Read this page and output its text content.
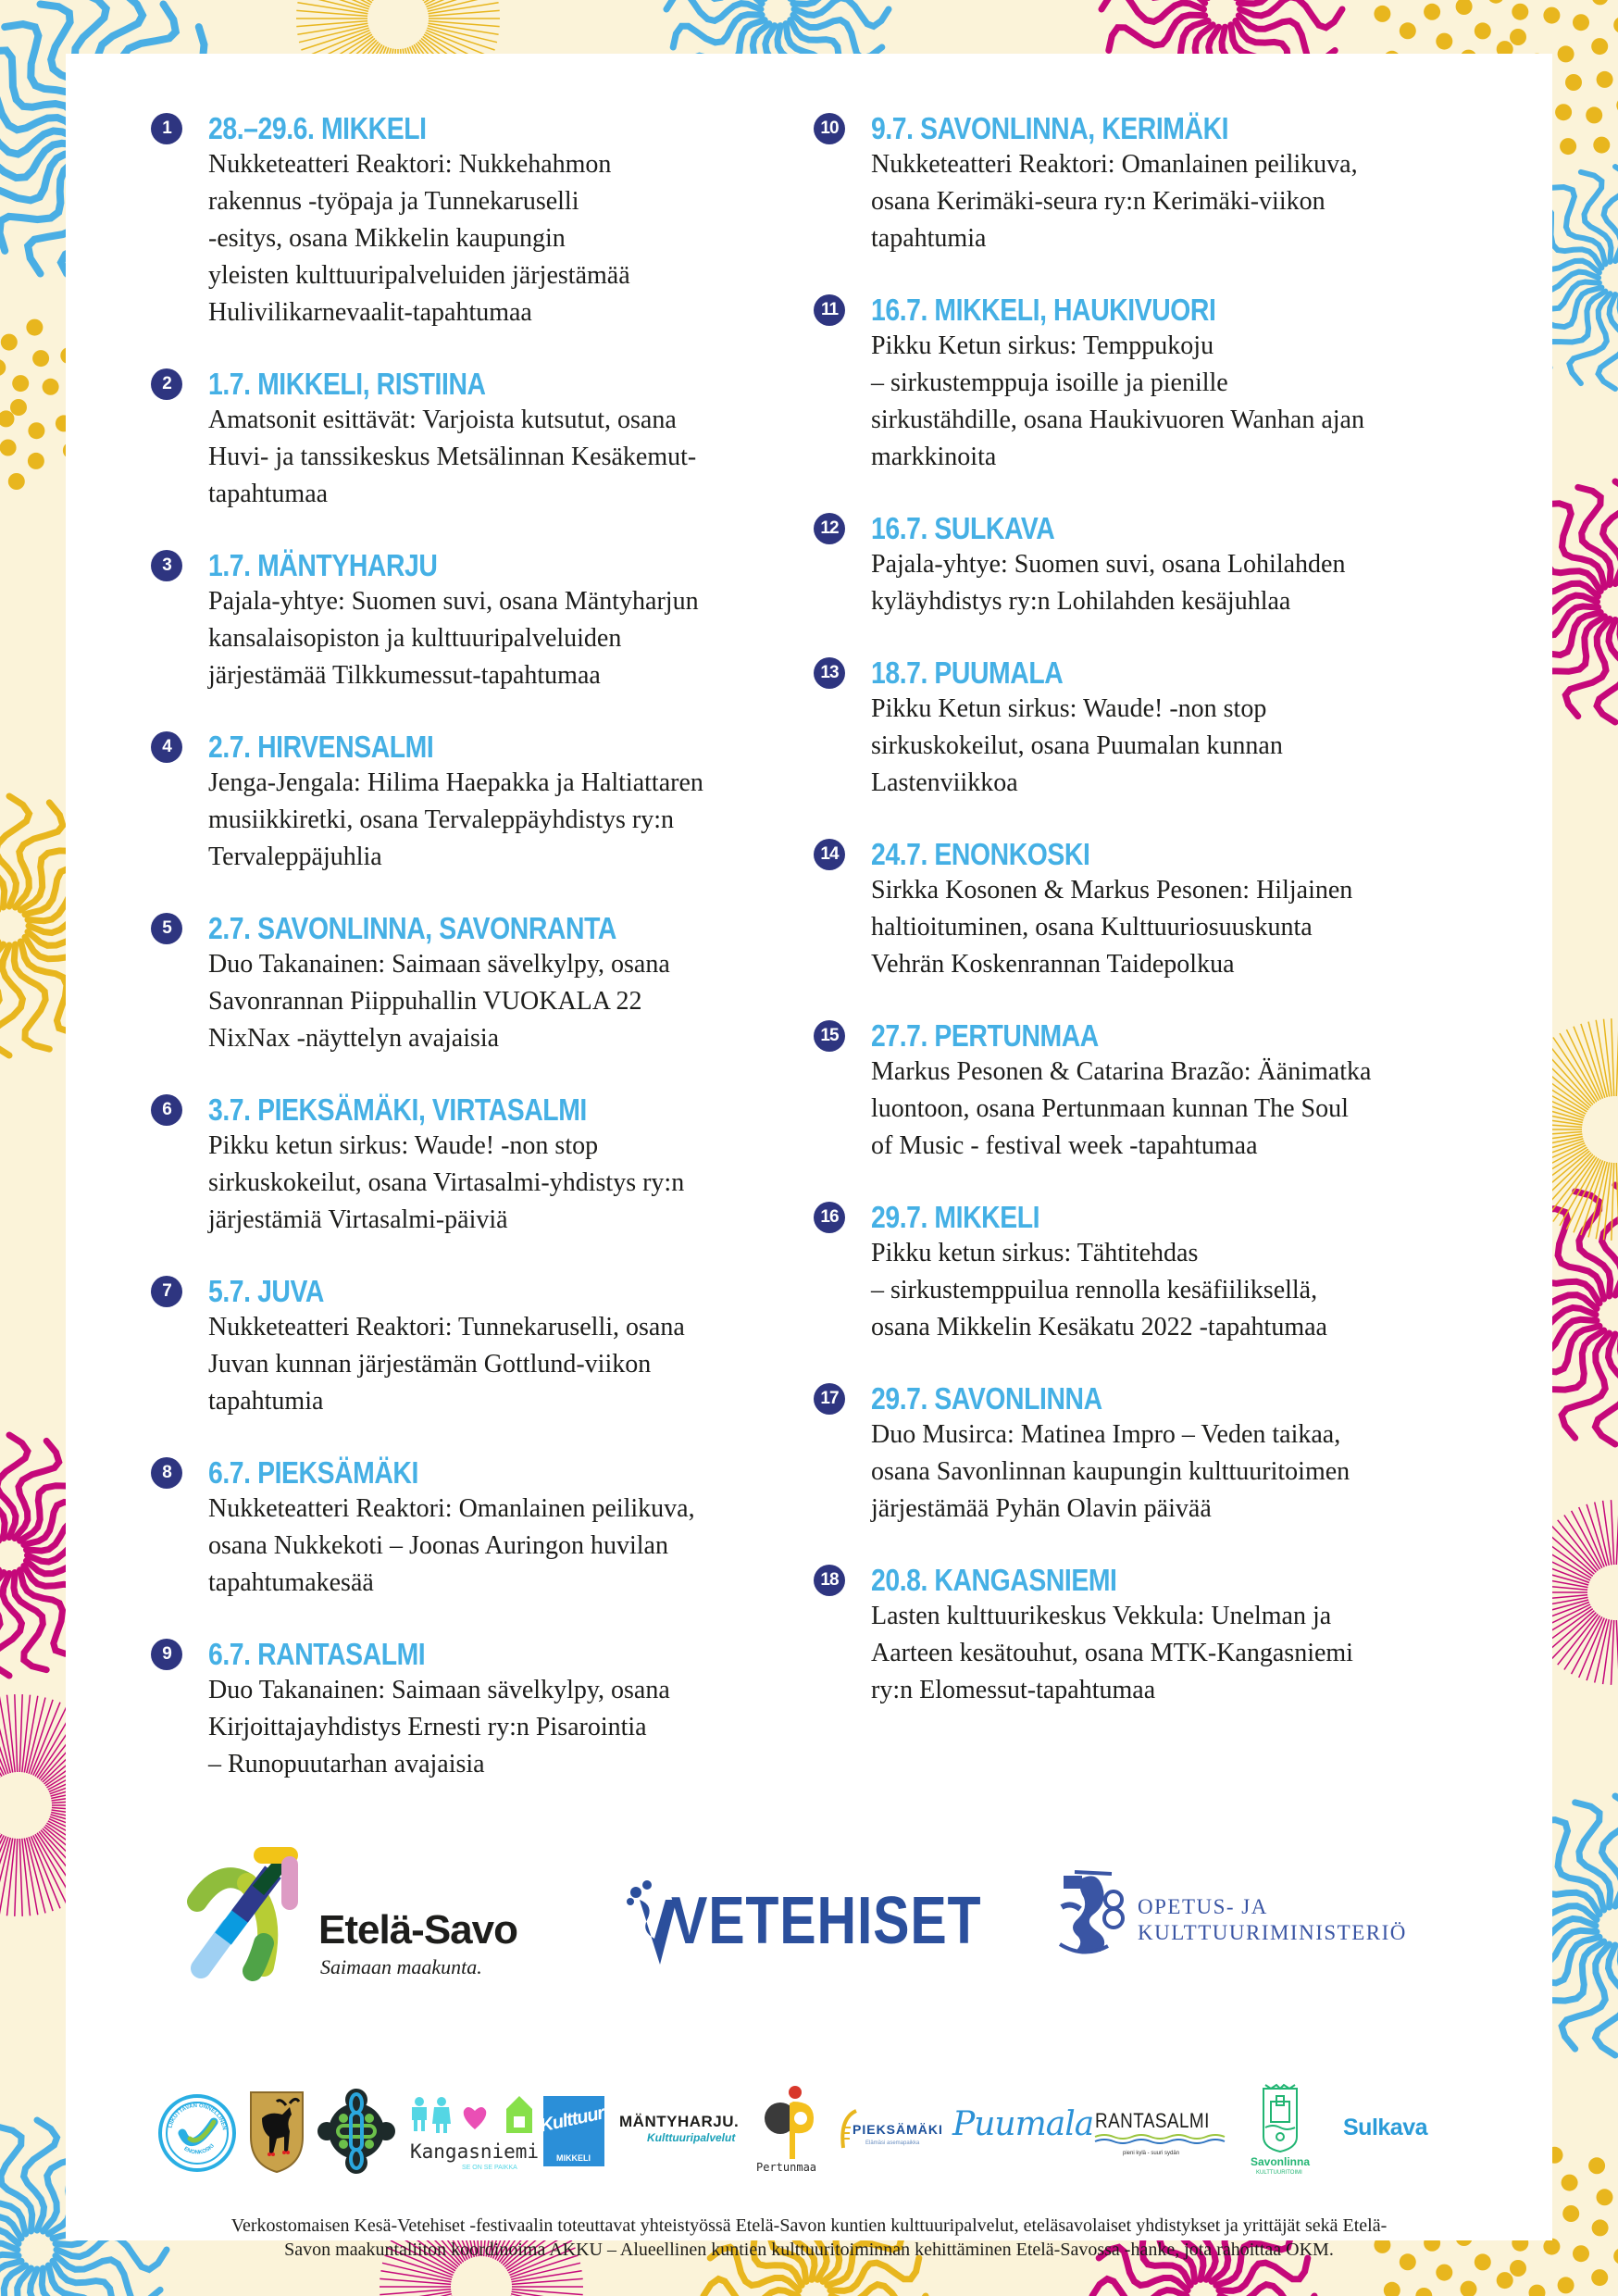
1	28.–29.6. MIKKELI

Nukketeatteri Reaktori: Nukkehahmon
rakennus -työpaja ja Tunnekaruselli
-esitys, osana Mikkelin kaupungin
yleisten kulttuuripalveluiden järjestämää
Hulivilikarnevaalit-tapahtumaa

2	1.7. MIKKELI, RISTIINA

Amatsonit esittävät: Varjoista kutsutut, osana
Huvi- ja tanssikeskus Metsälinnan Kesäkemut-
tapahtumaa

3	1.7. MÄNTYHARJU

Pajala-yhtye: Suomen suvi, osana Mäntyharjun
kansalaisopiston ja kulttuuripalveluiden
järjestämää Tilkkumessut-tapahtumaa

4	2.7. HIRVENSALMI

Jenga-Jengala: Hilima Haepakka ja Haltiattaren
musiikkiretki, osana Tervaleppäyhdistys ry:n
Tervaleppäjuhlia

5	2.7. SAVONLINNA, SAVONRANTA

Duo Takanainen: Saimaan sävelkylpy, osana
Savonrannan Piippuhallin VUOKALA 22
NixNax -näyttelyn avajaisia

6	3.7. PIEKSÄMÄKI, VIRTASALMI

Pikku ketun sirkus: Waude! -non stop
sirkuskokeilut, osana Virtasalmi-yhdistys ry:n
järjestämiä Virtasalmi-päiviä

7	5.7. JUVA

Nukketeatteri Reaktori: Tunnekaruselli, osana
Juvan kunnan järjestämän Gottlund-viikon
tapahtumia

8	6.7. PIEKSÄMÄKI

Nukketeatteri Reaktori: Omanlainen peilikuva,
osana Nukkekoti – Joonas Auringon huvilan
tapahtumakesää

9	6.7. RANTASALMI

Duo Takanainen: Saimaan sävelkylpy, osana
Kirjoittajayhdistys Ernesti ry:n Pisarointia
– Runopuutarhan avajaisia

10 9.7. SAVONLINNA, KERIMÄKI

Nukketeatteri Reaktori: Omanlainen peilikuva,
osana Kerimäki-seura ry:n Kerimäki-viikon
tapahtumia

11 16.7. MIKKELI, HAUKIVUORI

Pikku Ketun sirkus: Temppukoju
– sirkustemppuja isoille ja pienille
sirkustähdille, osana Haukivuoren Wanhan ajan
markkinoita

12 16.7. SULKAVA

Pajala-yhtye: Suomen suvi, osana Lohilahden
kyläyhdistys ry:n Lohilahden kesäjuhlaa

13 18.7. PUUMALA

Pikku Ketun sirkus: Waude! -non stop
sirkuskokeilut, osana Puumalan kunnan
Lastenviikkoa

14 24.7. ENONKOSKI

Sirkka Kosonen & Markus Pesonen: Hiljainen
haltioituminen, osana Kulttuuriosuuskunta
Vehrän Koskenrannan Taidepolkua

15 27.7. PERTUNMAA

Markus Pesonen & Catarina Brazão: Äänimatka
luontoon, osana Pertunmaan kunnan The Soul
of Music - festival week -tapahtumaa

16 29.7. MIKKELI

Pikku ketun sirkus: Tähtitehdas
– sirkustemppuilua rennolla kesäfiiliksellä,
osana Mikkelin Kesäkatu 2022 -tapahtumaa

17 29.7. SAVONLINNA

Duo Musirca: Matinea Impro – Veden taikaa,
osana Savonlinnan kaupungin kulttuuritoimen
järjestämää Pyhän Olavin päivää

18 20.8. KANGASNIEMI

Lasten kulttuurikeskus Vekkula: Unelman ja
Aarteen kesätouhut, osana MTK-Kangasniemi
ry:n Elomessut-tapahtumaa

Etelä-Savo
Saimaan maakunta.
VETEHISET	OPETUS- JA
KULTTUURIMINISTERIÖ
LIIKUTTAVAN ONNELLINEN
ENONKOSKI	Kangasniemi
SE ON SE PAIKKA
Kulttuuri
MIKKELI
MÄNTYHARJU.
Kulttuuripalvelut
Pertunmaa
PIEKSÄMÄKI
Elämäsi asemapaikka Puumala RANTASALMI
pieni kylä - suuri sydän
Savonlinna
KULTTUURITOIMI
Sulkava
Verkostomaisen Kesä-Vetehiset -festivaalin toteuttavat yhteistyössä Etelä-Savon kuntien kulttuuripalvelut, eteläsavolaiset yhdistykset ja yrittäjät sekä Etelä-
Savon maakuntaliiton koordinoima AKKU – Alueellinen kuntien kulttuuritoiminnan kehittäminen Etelä-Savossa -hanke, jota rahoittaa OKM.
